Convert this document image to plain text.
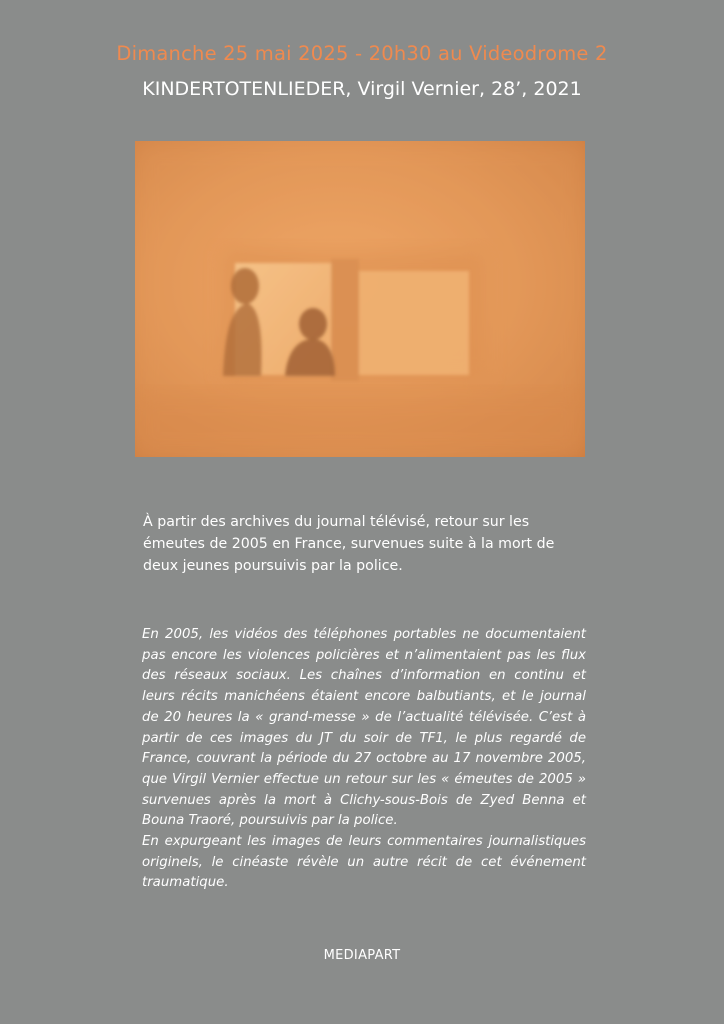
Dimanche 25 mai 2025 - 20h30 au Videodrome 2
KINDERTOTENLIEDER, Virgil Vernier, 28’, 2021
À partir des archives du journal télévisé, retour sur les émeutes de 2005 en France, survenues suite à la mort de deux jeunes poursuivis par la police.

En 2005, les vidéos des téléphones portables ne documentaient pas encore les violences policières et n’alimentaient pas les flux des réseaux sociaux. Les chaînes d’information en continu et leurs récits manichéens étaient encore balbutiants, et le journal de 20 heures la « grand-messe » de l’actualité télévisée. C’est à partir de ces images du JT du soir de TF1, le plus regardé de France, couvrant la période du 27 octobre au 17 novembre 2005, que Virgil Vernier effectue un retour sur les « émeutes de 2005 » survenues après la mort à Clichy-sous-Bois de Zyed Benna et Bouna Traoré, poursuivis par la police.

En expurgeant les images de leurs commentaires journalistiques originels, le cinéaste révèle un autre récit de cet événement traumatique.

MEDIAPART
